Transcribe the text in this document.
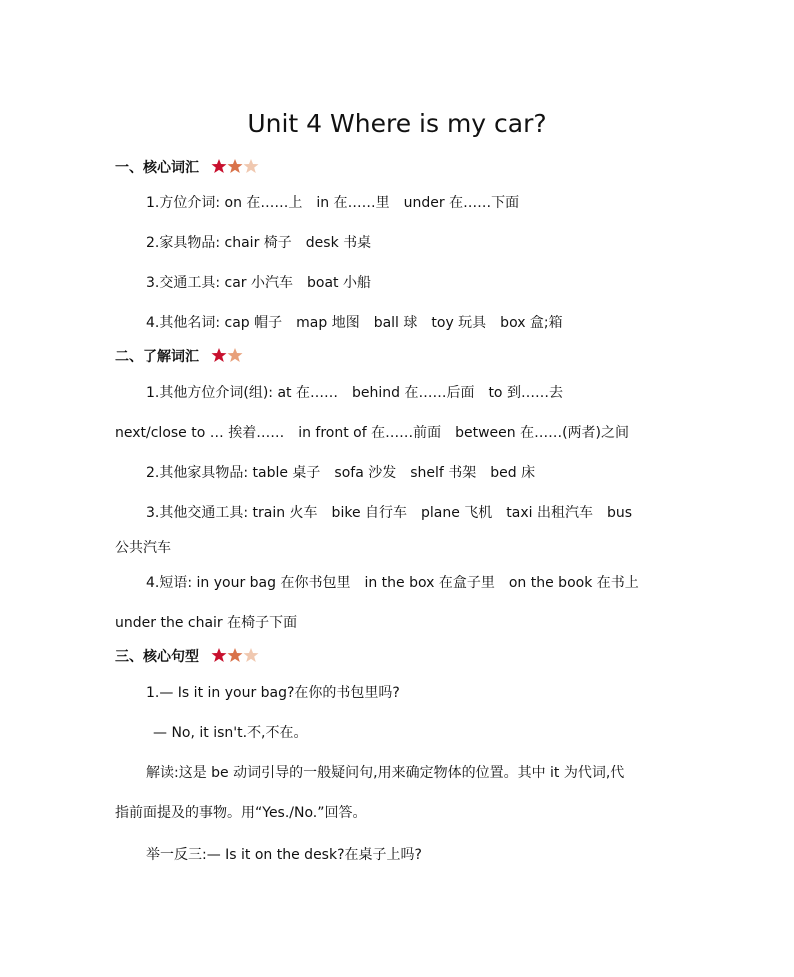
Unit 4 Where is my car?
一、核心词汇
1.方位介词: on 在……上　in 在……里　under 在……下面
2.家具物品: chair 椅子　desk 书桌
3.交通工具: car 小汽车　boat 小船
4.其他名词: cap 帽子　map 地图　ball 球　toy 玩具　box 盒;箱
二、了解词汇
1.其他方位介词(组): at 在……　behind 在……后面　to 到……去
next/close to … 挨着……　in front of 在……前面　between 在……(两者)之间
2.其他家具物品: table 桌子　sofa 沙发　shelf 书架　bed 床
3.其他交通工具: train 火车　bike 自行车　plane 飞机　taxi 出租汽车　bus
公共汽车
4.短语: in your bag 在你书包里　in the box 在盒子里　on the book 在书上
under the chair 在椅子下面
三、核心句型
1.— Is it in your bag?在你的书包里吗?
— No, it isn't.不,不在。
解读:这是 be 动词引导的一般疑问句,用来确定物体的位置。其中 it 为代词,代
指前面提及的事物。用“Yes./No.”回答。
举一反三:— Is it on the desk?在桌子上吗?
